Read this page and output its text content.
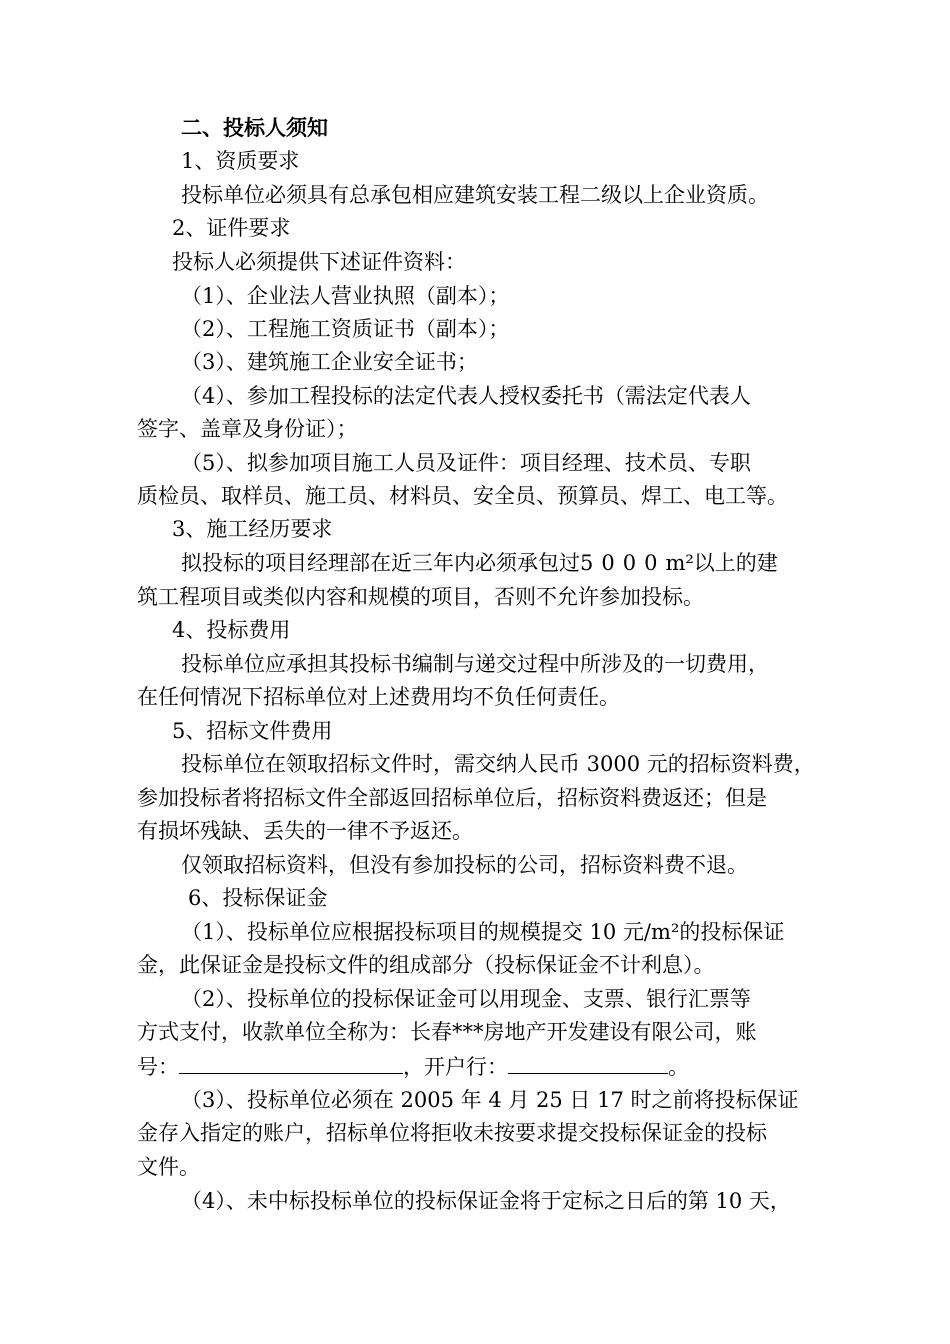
二、投标人须知
1、资质要求
投标单位必须具有总承包相应建筑安装工程二级以上企业资质。
2、证件要求
投标人必须提供下述证件资料：
（1）、企业法人营业执照（副本）；
（2）、工程施工资质证书（副本）；
（3）、建筑施工企业安全证书；
（4）、参加工程投标的法定代表人授权委托书（需法定代表人
签字、盖章及身份证）；
（5）、拟参加项目施工人员及证件：项目经理、技术员、专职
质检员、取样员、施工员、材料员、安全员、预算员、焊工、电工等。
3、施工经历要求
拟投标的项目经理部在近三年内必须承包过5000m²以上的建
筑工程项目或类似内容和规模的项目，否则不允许参加投标。
4、投标费用
投标单位应承担其投标书编制与递交过程中所涉及的一切费用，
在任何情况下招标单位对上述费用均不负任何责任。
5、招标文件费用
投标单位在领取招标文件时，需交纳人民币 3000 元的招标资料费，
参加投标者将招标文件全部返回招标单位后，招标资料费返还；但是
有损坏残缺、丢失的一律不予返还。
仅领取招标资料，但没有参加投标的公司，招标资料费不退。
6、投标保证金
（1）、投标单位应根据投标项目的规模提交 10 元/m²的投标保证
金，此保证金是投标文件的组成部分（投标保证金不计利息）。
（2）、投标单位的投标保证金可以用现金、支票、银行汇票等
方式支付，收款单位全称为：长春***房地产开发建设有限公司，账
号：	，开户行：	。
（3）、投标单位必须在 2005 年 4 月 25 日 17 时之前将投标保证
金存入指定的账户，招标单位将拒收未按要求提交投标保证金的投标
文件。
（4）、未中标投标单位的投标保证金将于定标之日后的第 10 天，
